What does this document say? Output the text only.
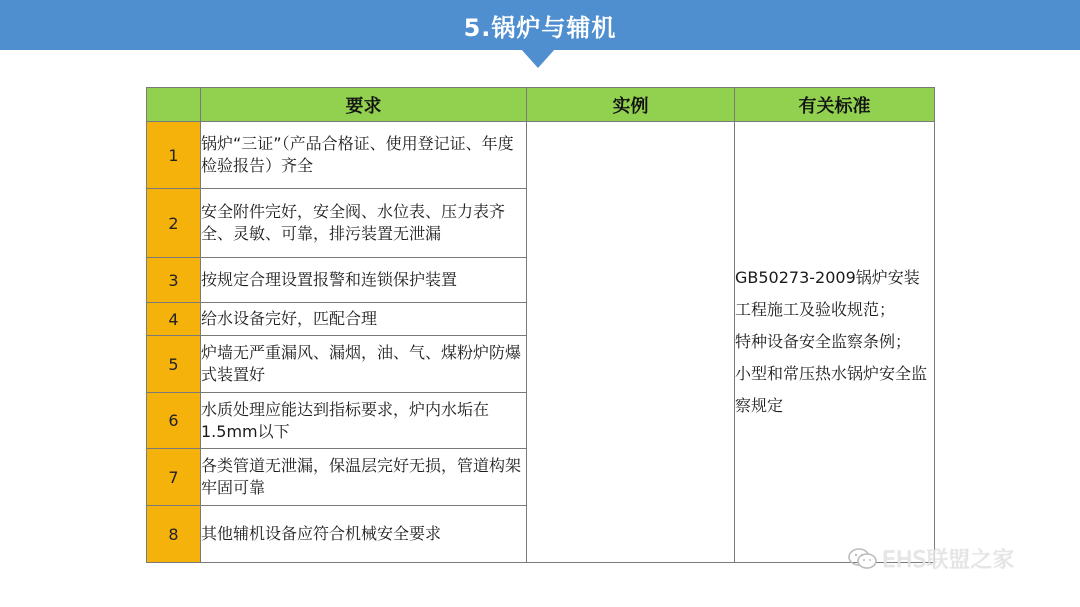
5.锅炉与辅机
	要求	实例	有关标准
1	锅炉“三证”（产品合格证、使用登记证、年度检验报告）齐全		GB50273-2009锅炉安装工程施工及验收规范；
特种设备安全监察条例；
小型和常压热水锅炉安全监察规定

2	安全附件完好，安全阀、水位表、压力表齐全、灵敏、可靠，排污装置无泄漏		
3	按规定合理设置报警和连锁保护装置		
4	给水设备完好，匹配合理		
5	炉墙无严重漏风、漏烟，油、气、煤粉炉防爆式装置好		
6	水质处理应能达到指标要求，炉内水垢在1.5mm以下		
7	各类管道无泄漏，保温层完好无损，管道构架牢固可靠		
8	其他辅机设备应符合机械安全要求		
EHS联盟之家
